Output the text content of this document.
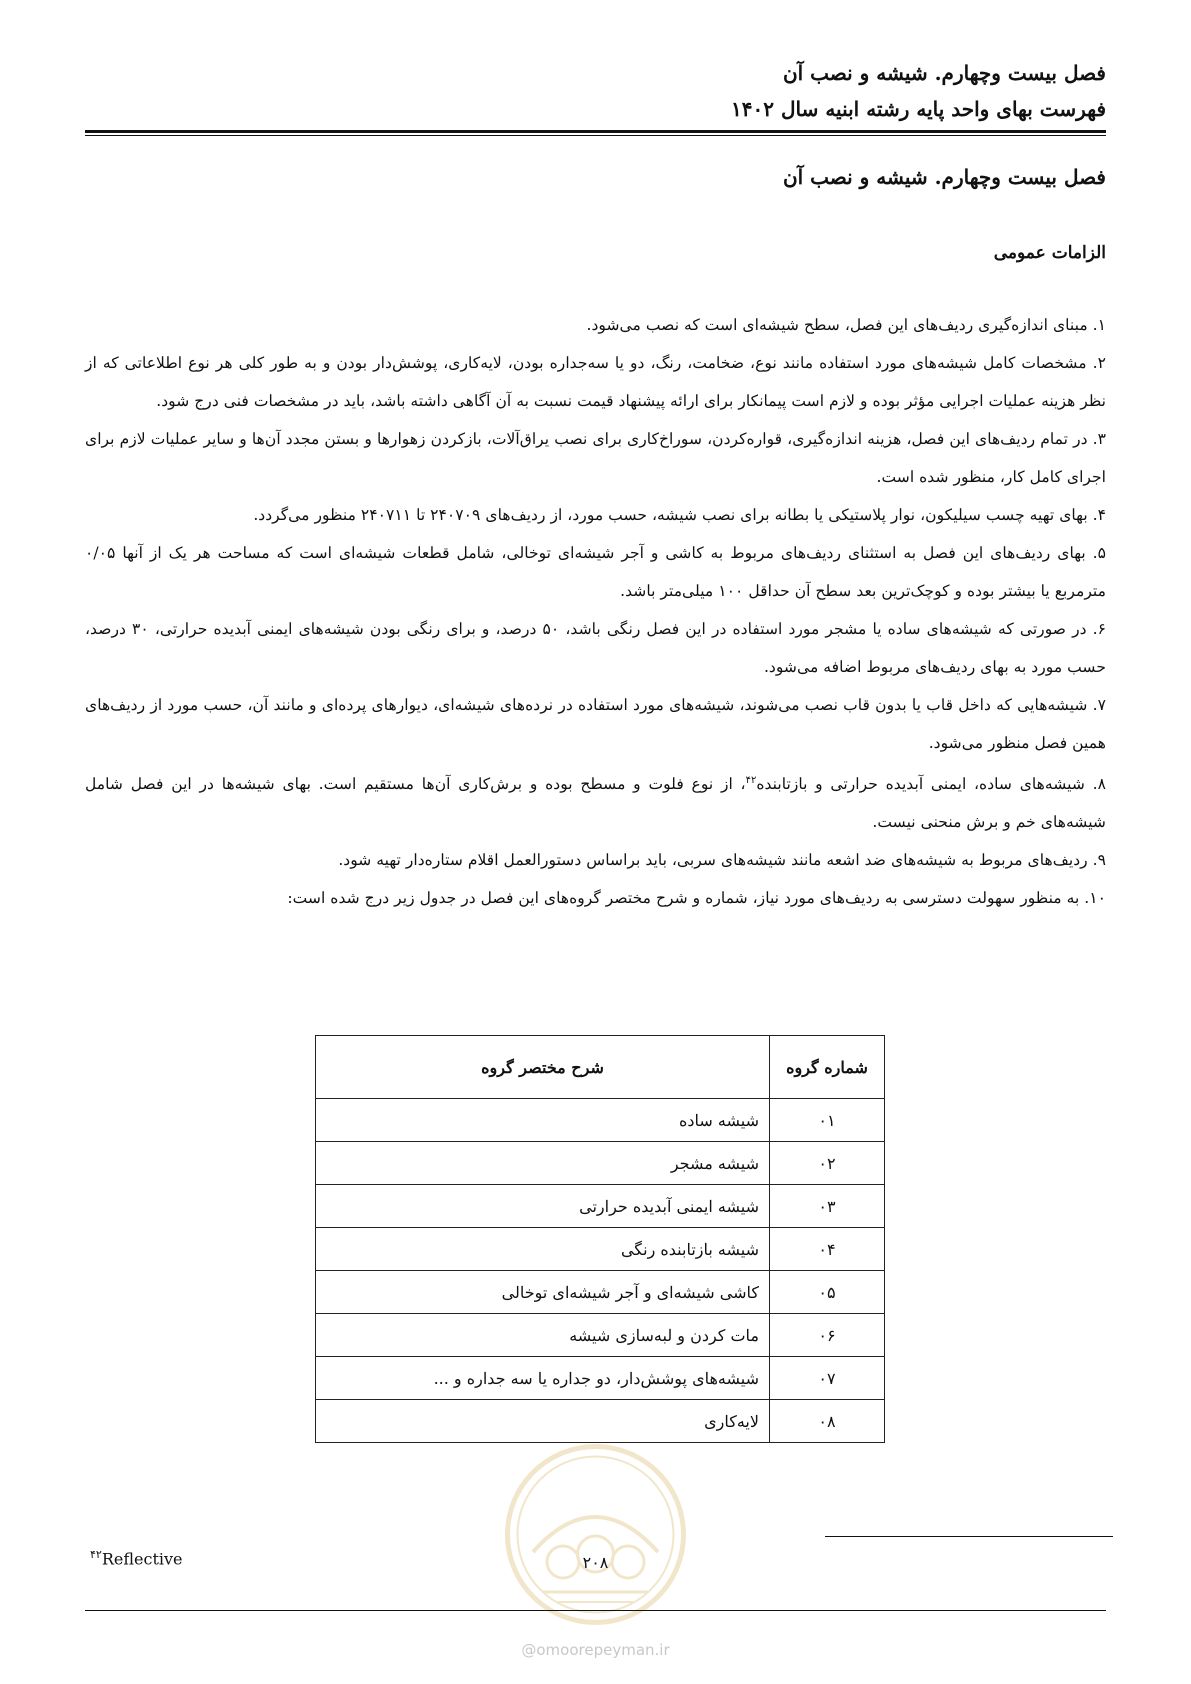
فصل بیست وچهارم. شیشه و نصب آن
فهرست بهای واحد پایه رشته ابنیه سال ۱۴۰۲
فصل بیست وچهارم. شیشه و نصب آن
الزامات عمومی
۱. مبنای اندازه‌گیری ردیف‌های این فصل، سطح شیشه‌ای است که نصب می‌شود.
۲. مشخصات کامل شیشه‌های مورد استفاده مانند نوع، ضخامت، رنگ، دو یا سه‌جداره بودن، لایه‌کاری، پوشش‌دار بودن و به طور کلی هر نوع اطلاعاتی که از نظر هزینه عملیات اجرایی مؤثر بوده و لازم است پیمانکار برای ارائه پیشنهاد قیمت نسبت به آن آگاهی داشته باشد، باید در مشخصات فنی درج شود.
۳. در تمام ردیف‌های این فصل، هزینه اندازه‌گیری، قواره‌کردن، سوراخ‌کاری برای نصب یراق‌آلات، بازکردن زهوارها و بستن مجدد آن‌ها و سایر عملیات لازم برای اجرای کامل کار، منظور شده است.
۴. بهای تهیه چسب سیلیکون، نوار پلاستیکی یا بطانه برای نصب شیشه، حسب مورد، از ردیف‌های ۲۴۰۷۰۹ تا ۲۴۰۷۱۱ منظور می‌گردد.
۵. بهای ردیف‌های این فصل به استثنای ردیف‌های مربوط به کاشی و آجر شیشه‌ای توخالی، شامل قطعات شیشه‌ای است که مساحت هر یک از آنها ۰/۰۵ مترمربع یا بیشتر بوده و کوچک‌ترین بعد سطح آن حداقل ۱۰۰ میلی‌متر باشد.
۶. در صورتی که شیشه‌های ساده یا مشجر مورد استفاده در این فصل رنگی باشد، ۵۰ درصد، و برای رنگی بودن شیشه‌های ایمنی آبدیده حرارتی، ۳۰ درصد، حسب مورد به بهای ردیف‌های مربوط اضافه می‌شود.
۷. شیشه‌هایی که داخل قاب یا بدون قاب نصب می‌شوند، شیشه‌های مورد استفاده در نرده‌های شیشه‌ای، دیوارهای پرده‌ای و مانند آن، حسب مورد از ردیف‌های همین فصل منظور می‌شود.
۸. شیشه‌های ساده، ایمنی آبدیده حرارتی و بازتابنده$^{۴۲}$، از نوع فلوت و مسطح بوده و برش‌کاری آن‌ها مستقیم است. بهای شیشه‌ها در این فصل شامل شیشه‌های خم و برش منحنی نیست.
۹. ردیف‌های مربوط به شیشه‌های ضد اشعه مانند شیشه‌های سربی، باید براساس دستورالعمل اقلام ستاره‌دار تهیه شود.
۱۰. به منظور سهولت دسترسی به ردیف‌های مورد نیاز، شماره و شرح مختصر گروه‌های این فصل در جدول زیر درج شده است:
شماره گروه	شرح مختصر گروه
۰۱	شیشه ساده
۰۲	شیشه مشجر
۰۳	شیشه ایمنی آبدیده حرارتی
۰۴	شیشه بازتابنده رنگی
۰۵	کاشی شیشه‌ای و آجر شیشه‌ای توخالی
۰۶	مات کردن و لبه‌سازی شیشه
۰۷	شیشه‌های پوشش‌دار، دو جداره یا سه جداره و ...
۰۸	لایه‌کاری
$^{۴۲}$Reflective	۲۰۸
@omoorepeyman.ir
